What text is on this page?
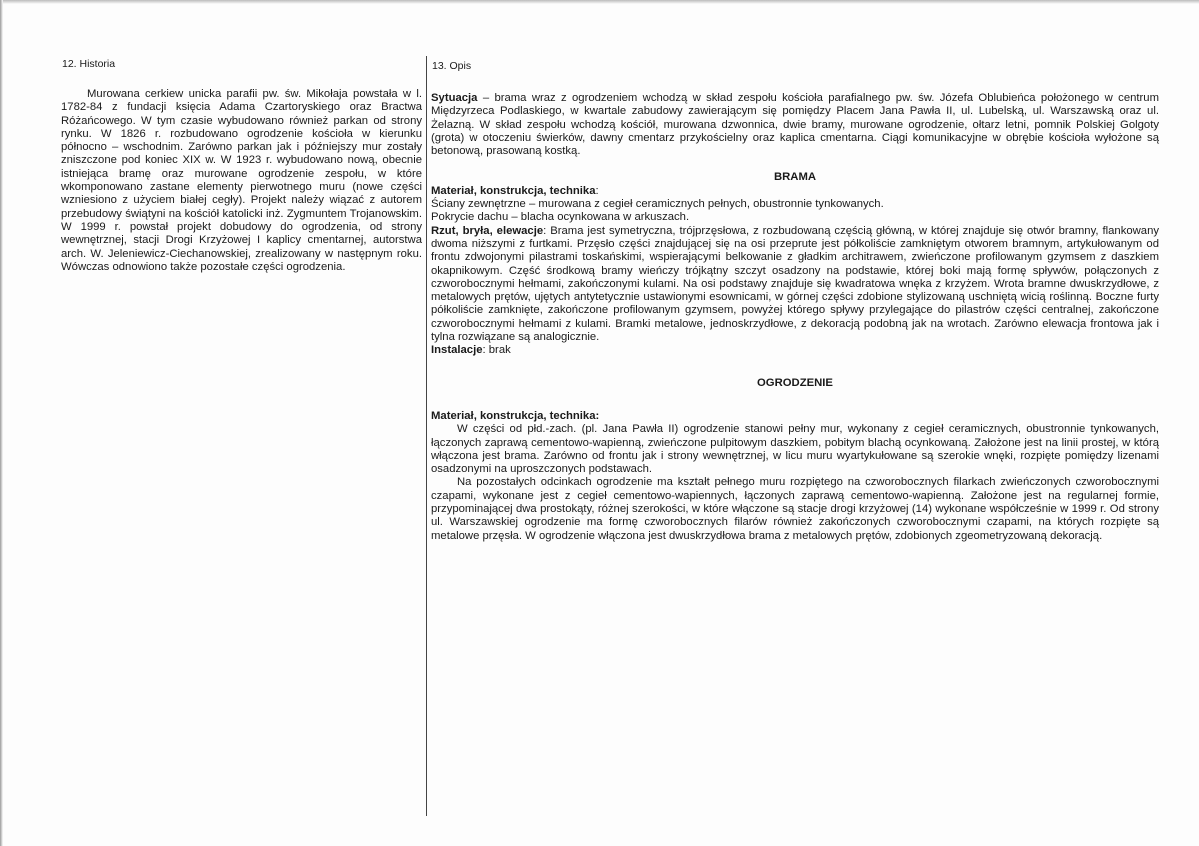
12. Historia	13. Opis

Murowana cerkiew unicka parafii pw. św. Mikołaja powstała w l. 1782-84 z fundacji księcia Adama Czartoryskiego oraz Bractwa Różańcowego. W tym czasie wybudowano również parkan od strony rynku. W 1826 r. rozbudowano ogrodzenie kościoła w kierunku północno – wschodnim. Zarówno parkan jak i późniejszy mur zostały zniszczone pod koniec XIX w. W 1923 r. wybudowano nową, obecnie istniejąca bramę oraz murowane ogrodzenie zespołu, w które wkomponowano zastane elementy pierwotnego muru (nowe części wzniesiono z użyciem białej cegły). Projekt należy wiązać z autorem przebudowy świątyni na kościół katolicki inż. Zygmuntem Trojanowskim. W 1999 r. powstał projekt dobudowy do ogrodzenia, od strony wewnętrznej, stacji Drogi Krzyżowej I kaplicy cmentarnej, autorstwa arch. W. Jeleniewicz-Ciechanowskiej, zrealizowany w następnym roku. Wówczas odnowiono także pozostałe części ogrodzenia.

Sytuacja – brama wraz z ogrodzeniem wchodzą w skład zespołu kościoła parafialnego pw. św. Józefa Oblubieńca położonego w centrum Międzyrzeca Podlaskiego, w kwartale zabudowy zawierającym się pomiędzy Placem Jana Pawła II, ul. Lubelską, ul. Warszawską oraz ul. Żelazną. W skład zespołu wchodzą kościół, murowana dzwonnica, dwie bramy, murowane ogrodzenie, ołtarz letni, pomnik Polskiej Golgoty (grota) w otoczeniu świerków, dawny cmentarz przykościelny oraz kaplica cmentarna. Ciągi komunikacyjne w obrębie kościoła wyłożone są betonową, prasowaną kostką.

BRAMA

Materiał, konstrukcja, technika:

Ściany zewnętrzne – murowana z cegieł ceramicznych pełnych, obustronnie tynkowanych.

Pokrycie dachu – blacha ocynkowana w arkuszach.

Rzut, bryła, elewacje: Brama jest symetryczna, trójprzęsłowa, z rozbudowaną częścią główną, w której znajduje się otwór bramny, flankowany dwoma niższymi z furtkami. Przęsło części znajdującej się na osi przeprute jest półkoliście zamkniętym otworem bramnym, artykułowanym od frontu zdwojonymi pilastrami toskańskimi, wspierającymi belkowanie z gładkim architrawem, zwieńczone profilowanym gzymsem z daszkiem okapnikowym. Część środkową bramy wieńczy trójkątny szczyt osadzony na podstawie, której boki mają formę spływów, połączonych z czworobocznymi hełmami, zakończonymi kulami. Na osi podstawy znajduje się kwadratowa wnęka z krzyżem. Wrota bramne dwuskrzydłowe, z metalowych prętów, ujętych antytetycznie ustawionymi esownicami, w górnej części zdobione stylizowaną uschniętą wicią roślinną. Boczne furty półkoliście zamknięte, zakończone profilowanym gzymsem, powyżej którego spływy przylegające do pilastrów części centralnej, zakończone czworobocznymi hełmami z kulami. Bramki metalowe, jednoskrzydłowe, z dekoracją podobną jak na wrotach. Zarówno elewacja frontowa jak i tylna rozwiązane są analogicznie.

Instalacje: brak

OGRODZENIE

Materiał, konstrukcja, technika:

W części od płd.-zach. (pl. Jana Pawła II) ogrodzenie stanowi pełny mur, wykonany z cegieł ceramicznych, obustronnie tynkowanych, łączonych zaprawą cementowo-wapienną, zwieńczone pulpitowym daszkiem, pobitym blachą ocynkowaną. Założone jest na linii prostej, w którą włączona jest brama. Zarówno od frontu jak i strony wewnętrznej, w licu muru wyartykułowane są szerokie wnęki, rozpięte pomiędzy lizenami osadzonymi na uproszczonych podstawach.

Na pozostałych odcinkach ogrodzenie ma kształt pełnego muru rozpiętego na czworobocznych filarkach zwieńczonych czworobocznymi czapami, wykonane jest z cegieł cementowo-wapiennych, łączonych zaprawą cementowo-wapienną. Założone jest na regularnej formie, przypominającej dwa prostokąty, różnej szerokości, w które włączone są stacje drogi krzyżowej (14) wykonane współcześnie w 1999 r. Od strony ul. Warszawskiej ogrodzenie ma formę czworobocznych filarów również zakończonych czworobocznymi czapami, na których rozpięte są metalowe przęsła. W ogrodzenie włączona jest dwuskrzydłowa brama z metalowych prętów, zdobionych zgeometryzowaną dekoracją.
